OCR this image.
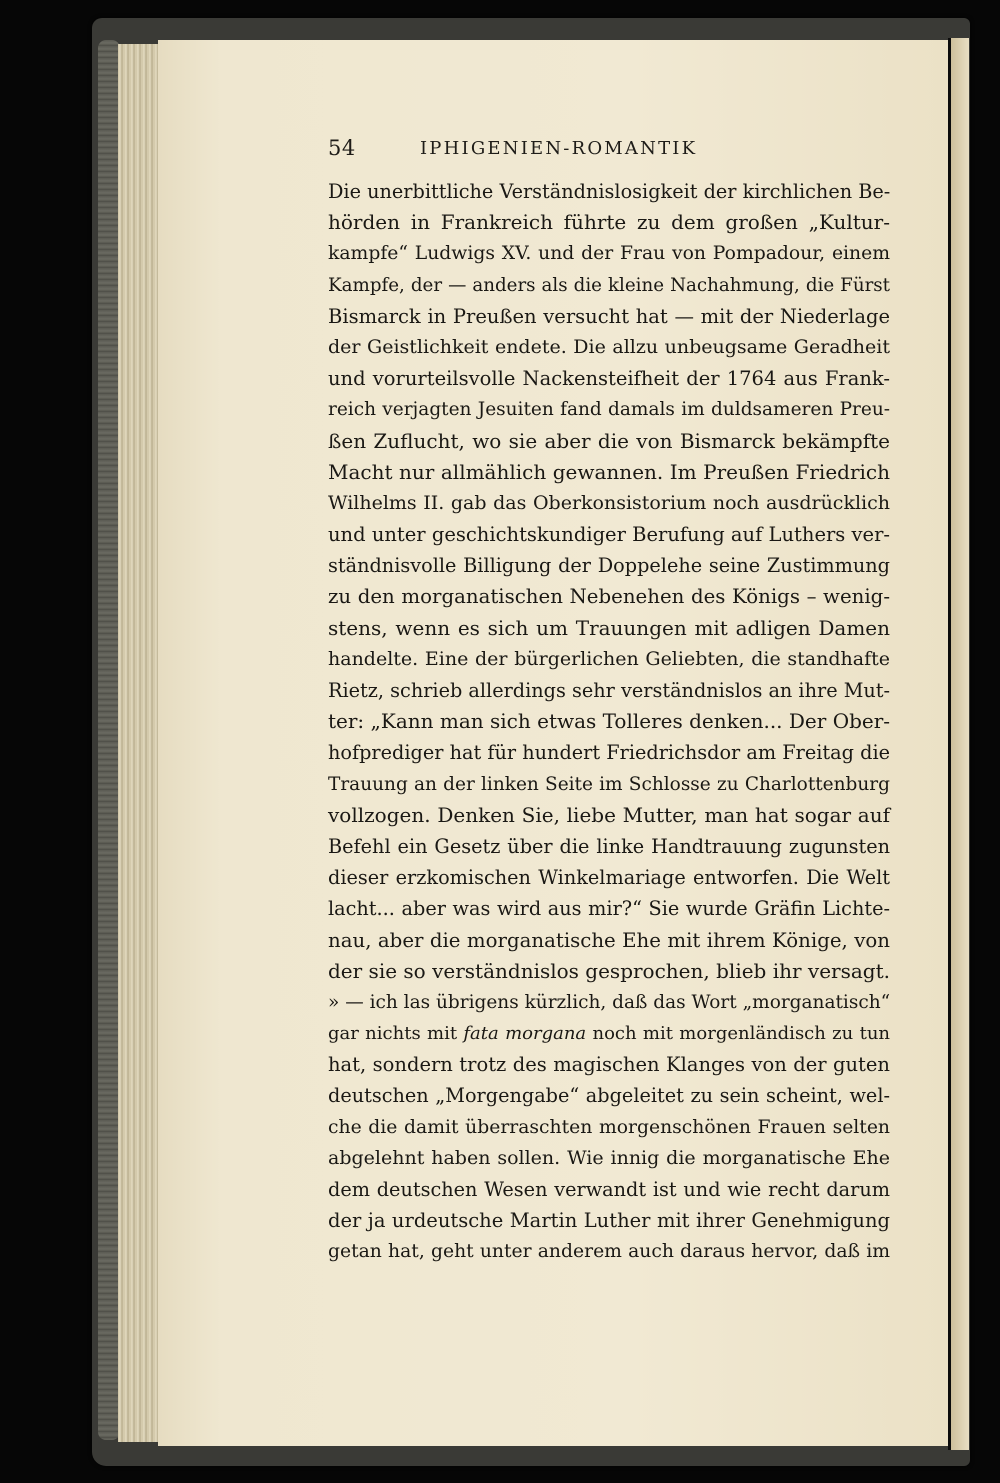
54	IPHIGENIEN-ROMANTIK
Die unerbittliche Verständnislosigkeit der kirchlichen Be-
hörden in Frankreich führte zu dem großen „Kultur-
kampfe“ Ludwigs XV. und der Frau von Pompadour, einem
Kampfe, der — anders als die kleine Nachahmung, die Fürst
Bismarck in Preußen versucht hat — mit der Niederlage
der Geistlichkeit endete. Die allzu unbeugsame Geradheit
und vorurteilsvolle Nackensteifheit der 1764 aus Frank-
reich verjagten Jesuiten fand damals im duldsameren Preu-
ßen Zuflucht, wo sie aber die von Bismarck bekämpfte
Macht nur allmählich gewannen. Im Preußen Friedrich
Wilhelms II. gab das Oberkonsistorium noch ausdrücklich
und unter geschichtskundiger Berufung auf Luthers ver-
ständnisvolle Billigung der Doppelehe seine Zustimmung
zu den morganatischen Nebenehen des Königs – wenig-
stens, wenn es sich um Trauungen mit adligen Damen
handelte. Eine der bürgerlichen Geliebten, die standhafte
Rietz, schrieb allerdings sehr verständnislos an ihre Mut-
ter: „Kann man sich etwas Tolleres denken... Der Ober-
hofprediger hat für hundert Friedrichsdor am Freitag die
Trauung an der linken Seite im Schlosse zu Charlottenburg
vollzogen. Denken Sie, liebe Mutter, man hat sogar auf
Befehl ein Gesetz über die linke Handtrauung zugunsten
dieser erzkomischen Winkelmariage entworfen. Die Welt
lacht... aber was wird aus mir?“ Sie wurde Gräfin Lichte-
nau, aber die morganatische Ehe mit ihrem Könige, von
der sie so verständnislos gesprochen, blieb ihr versagt.
» — ich las übrigens kürzlich, daß das Wort „morganatisch“
gar nichts mit fata morgana noch mit morgenländisch zu tun
hat, sondern trotz des magischen Klanges von der guten
deutschen „Morgengabe“ abgeleitet zu sein scheint, wel-
che die damit überraschten morgenschönen Frauen selten
abgelehnt haben sollen. Wie innig die morganatische Ehe
dem deutschen Wesen verwandt ist und wie recht darum
der ja urdeutsche Martin Luther mit ihrer Genehmigung
getan hat, geht unter anderem auch daraus hervor, daß im
